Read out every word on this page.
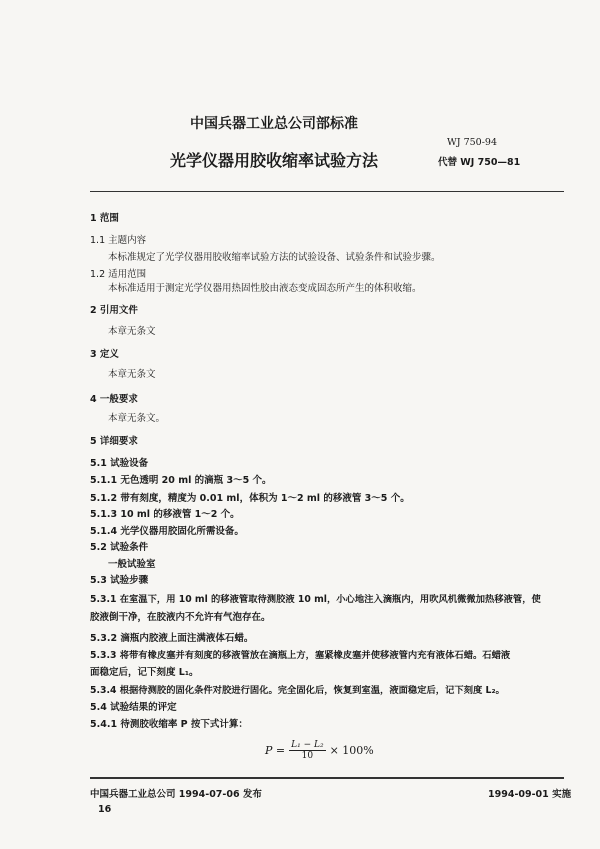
中国兵器工业总公司部标准
WJ 750-94
光学仪器用胶收缩率试验方法	代替 WJ 750—81
1 范围
1.1 主题内容
本标准规定了光学仪器用胶收缩率试验方法的试验设备、试验条件和试验步骤。
1.2 适用范围
本标准适用于测定光学仪器用热固性胶由液态变成固态所产生的体积收缩。
2 引用文件
本章无条文
3 定义
本章无条文
4 一般要求
本章无条文。
5 详细要求
5.1 试验设备
5.1.1 无色透明 20 ml 的滴瓶 3～5 个。
5.1.2 带有刻度，精度为 0.01 ml，体积为 1～2 ml 的移液管 3～5 个。
5.1.3 10 ml 的移液管 1～2 个。
5.1.4 光学仪器用胶固化所需设备。
5.2 试验条件
一般试验室
5.3 试验步骤
5.3.1 在室温下，用 10 ml 的移液管取待测胶液 10 ml，小心地注入滴瓶内，用吹风机微微加热移液管，使
胶液倒干净，在胶液内不允许有气泡存在。
5.3.2 滴瓶内胶液上面注满液体石蜡。
5.3.3 将带有橡皮塞并有刻度的移液管放在滴瓶上方，塞紧橡皮塞并使移液管内充有液体石蜡。石蜡液
面稳定后，记下刻度 L₁。
5.3.4 根据待测胶的固化条件对胶进行固化。完全固化后，恢复到室温，液面稳定后，记下刻度 L₂。
5.4 试验结果的评定
5.4.1 待测胶收缩率 P 按下式计算：
$P = \frac{\text{L₁ − L₂}}{10} \times 100\%$
中国兵器工业总公司 1994-07-06 发布	1994-09-01 实施
16
